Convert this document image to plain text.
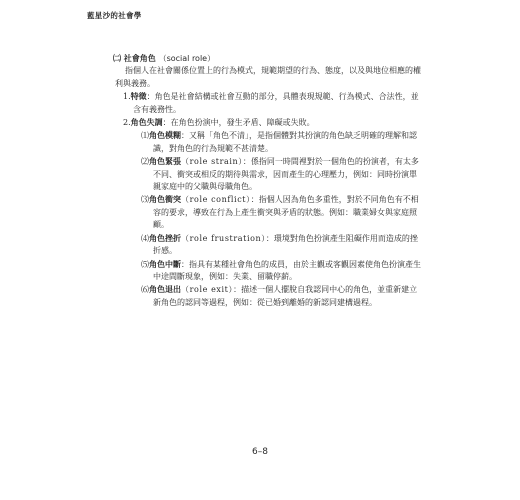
藍星沙的社會學
㈡ 社會角色 （social role）
指個人在社會關係位置上的行為模式，規範期望的行為、態度，以及與地位相應的權利與義務。
1.特徵：角色是社會結構或社會互動的部分，具體表現規範、行為模式、合法性，並含有義務性。
2.角色失調：在角色扮演中，發生矛盾、障礙或失敗。
⑴角色模糊：又稱「角色不清」，是指個體對其扮演的角色缺乏明確的理解和認識，對角色的行為規範不甚清楚。
⑵角色緊張（role strain）：係指同一時間裡對於一個角色的扮演者，有太多不同、衝突或相反的期待與需求，因而產生的心理壓力，例如：同時扮演單親家庭中的父職與母職角色。
⑶角色衝突（role conflict）：指個人因為角色多重性，對於不同角色有不相容的要求，導致在行為上產生衝突與矛盾的狀態。例如：職業婦女與家庭照顧。
⑷角色挫折（role frustration）：環境對角色扮演產生阻礙作用而造成的挫折感。
⑸角色中斷：指具有某種社會角色的成員，由於主觀或客觀因素使角色扮演產生中途間斷現象，例如：失業、留職停薪。
⑹角色退出（role exit）：描述一個人擺脫自我認同中心的角色，並重新建立新角色的認同等過程，例如：從已婚到離婚的新認同建構過程。
6–8
